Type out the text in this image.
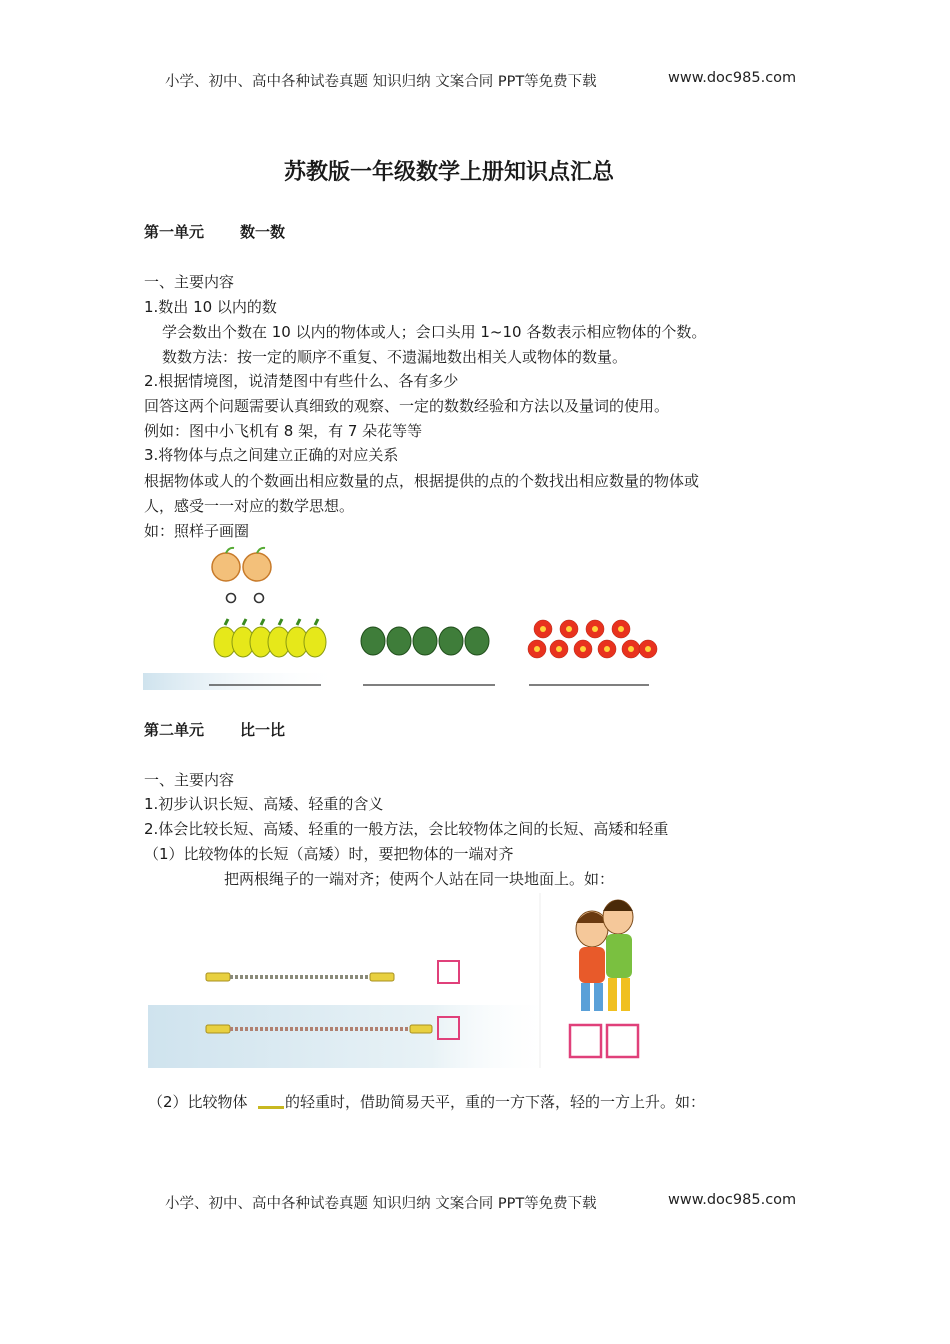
小学、初中、高中各种试卷真题 知识归纳 文案合同 PPT等免费下载	www.doc985.com
苏教版一年级数学上册知识点汇总
第一单元 数一数
一、主要内容
1.数出 10 以内的数
学会数出个数在 10 以内的物体或人；会口头用 1~10 各数表示相应物体的个数。
数数方法：按一定的顺序不重复、不遗漏地数出相关人或物体的数量。
2.根据情境图，说清楚图中有些什么、各有多少
回答这两个问题需要认真细致的观察、一定的数数经验和方法以及量词的使用。
例如：图中小飞机有 8 架，有 7 朵花等等
3.将物体与点之间建立正确的对应关系
根据物体或人的个数画出相应数量的点，根据提供的点的个数找出相应数量的物体或
人，感受一一对应的数学思想。
如：照样子画圈
第二单元 比一比
一、主要内容
1.初步认识长短、高矮、轻重的含义
2.体会比较长短、高矮、轻重的一般方法，会比较物体之间的长短、高矮和轻重
（1）比较物体的长短（高矮）时，要把物体的一端对齐
把两根绳子的一端对齐；使两个人站在同一块地面上。如：
（2）比较物体 的轻重时，借助简易天平，重的一方下落，轻的一方上升。如：
小学、初中、高中各种试卷真题 知识归纳 文案合同 PPT等免费下载	www.doc985.com
